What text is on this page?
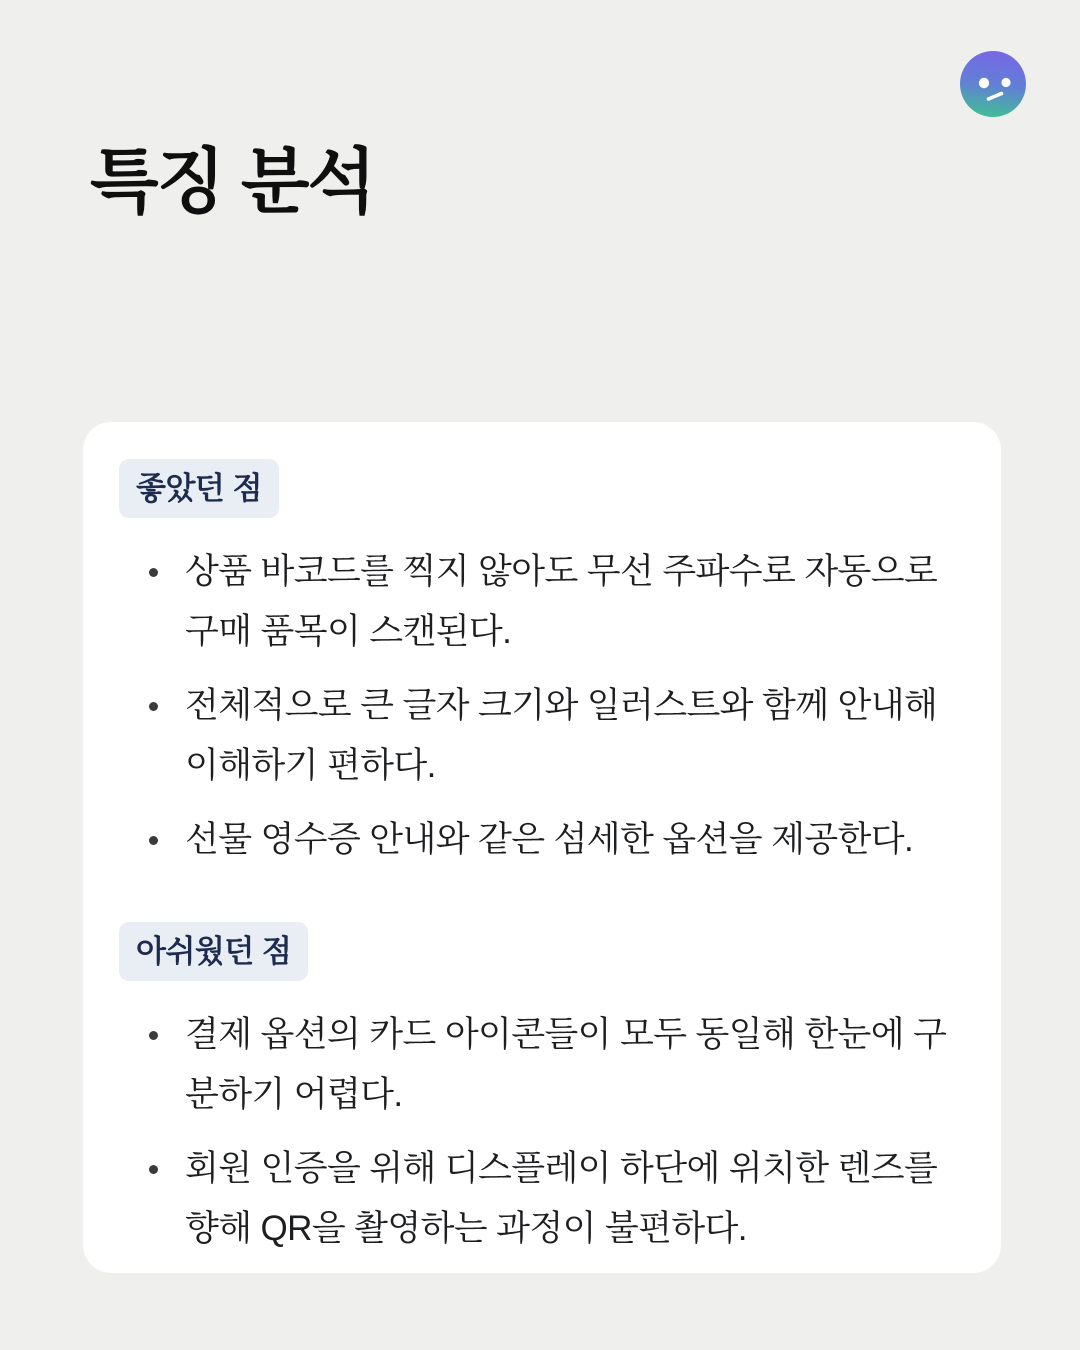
특징 분석
좋았던 점
상품 바코드를 찍지 않아도 무선 주파수로 자동으로 구매 품목이 스캔된다.
전체적으로 큰 글자 크기와 일러스트와 함께 안내해 이해하기 편하다.
선물 영수증 안내와 같은 섬세한 옵션을 제공한다.
아쉬웠던 점
결제 옵션의 카드 아이콘들이 모두 동일해 한눈에 구분하기 어렵다.
회원 인증을 위해 디스플레이 하단에 위치한 렌즈를 향해 QR을 촬영하는 과정이 불편하다.
